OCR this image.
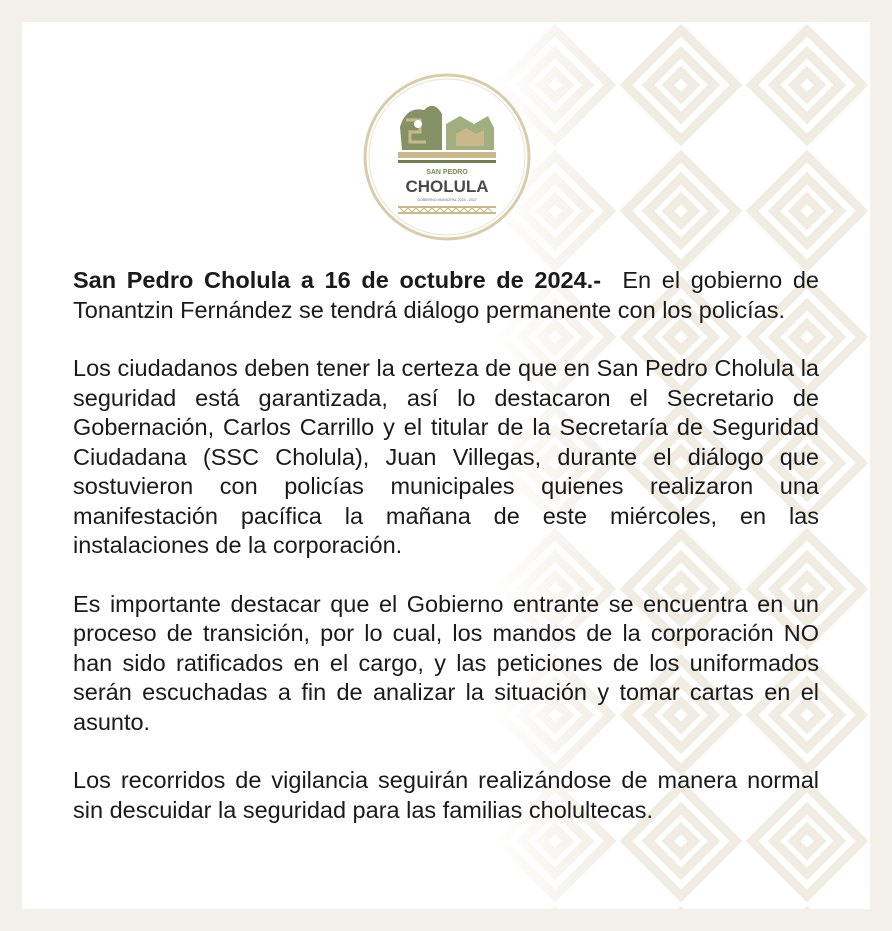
SAN PEDRO
CHOLULA
GOBIERNO MUNICIPAL 2024 - 2027

San Pedro Cholula a 16 de octubre de 2024.- En el gobierno de Tonantzin Fernández se tendrá diálogo permanente con los policías.

Los ciudadanos deben tener la certeza de que en San Pedro Cholula la seguridad está garantizada, así lo destacaron el Secretario de Gobernación, Carlos Carrillo y el titular de la Secretaría de Seguridad Ciudadana (SSC Cholula), Juan Villegas, durante el diálogo que sostuvieron con policías municipales quienes realizaron una manifestación pacífica la mañana de este miércoles, en las instalaciones de la corporación.

Es importante destacar que el Gobierno entrante se encuentra en un proceso de transición, por lo cual, los mandos de la corporación NO han sido ratificados en el cargo, y las peticiones de los uniformados serán escuchadas a fin de analizar la situación y tomar cartas en el asunto.

Los recorridos de vigilancia seguirán realizándose de manera normal sin descuidar la seguridad para las familias cholultecas.
